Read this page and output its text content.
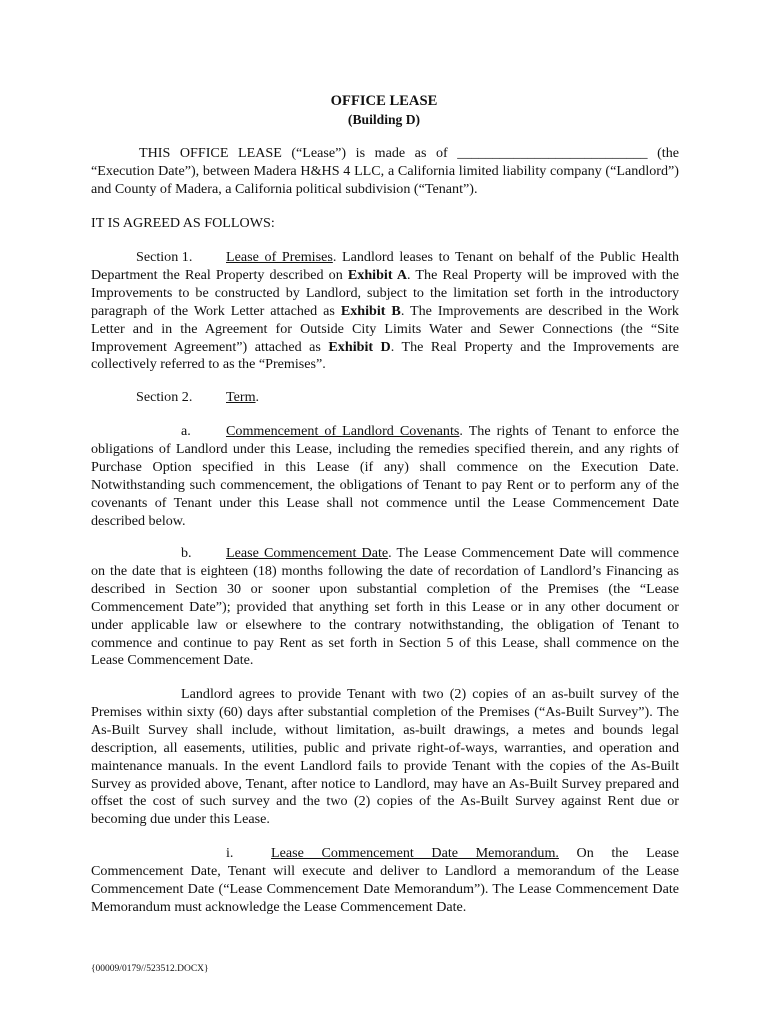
OFFICE LEASE
(Building D)

THIS OFFICE LEASE (“Lease”) is made as of ___________________________ (the “Execution Date”), between Madera H&HS 4 LLC, a California limited liability company (“Landlord”) and County of Madera, a California political subdivision (“Tenant”).

IT IS AGREED AS FOLLOWS:

Section 1. Lease of Premises. Landlord leases to Tenant on behalf of the Public Health Department the Real Property described on Exhibit A. The Real Property will be improved with the Improvements to be constructed by Landlord, subject to the limitation set forth in the introductory paragraph of the Work Letter attached as Exhibit B. The Improvements are described in the Work Letter and in the Agreement for Outside City Limits Water and Sewer Connections (the “Site Improvement Agreement”) attached as Exhibit D. The Real Property and the Improvements are collectively referred to as the “Premises”.

Section 2. Term.

a. Commencement of Landlord Covenants. The rights of Tenant to enforce the obligations of Landlord under this Lease, including the remedies specified therein, and any rights of Purchase Option specified in this Lease (if any) shall commence on the Execution Date. Notwithstanding such commencement, the obligations of Tenant to pay Rent or to perform any of the covenants of Tenant under this Lease shall not commence until the Lease Commencement Date described below.

b. Lease Commencement Date. The Lease Commencement Date will commence on the date that is eighteen (18) months following the date of recordation of Landlord’s Financing as described in Section 30 or sooner upon substantial completion of the Premises (the “Lease Commencement Date”); provided that anything set forth in this Lease or in any other document or under applicable law or elsewhere to the contrary notwithstanding, the obligation of Tenant to commence and continue to pay Rent as set forth in Section 5 of this Lease, shall commence on the Lease Commencement Date.

Landlord agrees to provide Tenant with two (2) copies of an as-built survey of the Premises within sixty (60) days after substantial completion of the Premises (“As-Built Survey”). The As-Built Survey shall include, without limitation, as-built drawings, a metes and bounds legal description, all easements, utilities, public and private right-of-ways, warranties, and operation and maintenance manuals. In the event Landlord fails to provide Tenant with the copies of the As-Built Survey as provided above, Tenant, after notice to Landlord, may have an As-Built Survey prepared and offset the cost of such survey and the two (2) copies of the As-Built Survey against Rent due or becoming due under this Lease.

i.	Lease Commencement Date Memorandum. On the Lease Commencement Date, Tenant will execute and deliver to Landlord a memorandum of the Lease Commencement Date (“Lease Commencement Date Memorandum”). The Lease Commencement Date Memorandum must acknowledge the Lease Commencement Date.

{00009/0179//523512.DOCX}
